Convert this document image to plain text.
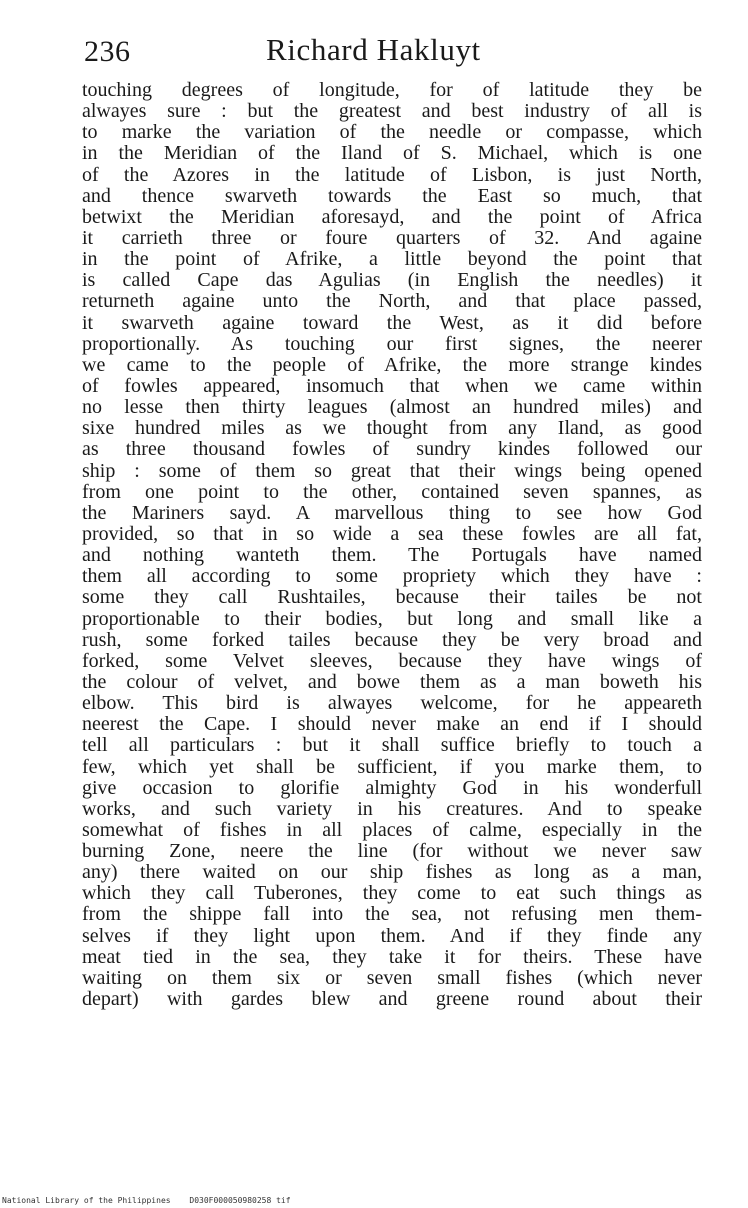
236	Richard Hakluyt
touching degrees of longitude, for of latitude they be
alwayes sure : but the greatest and best industry of all is
to marke the variation of the needle or compasse, which
in the Meridian of the Iland of S. Michael, which is one
of the Azores in the latitude of Lisbon, is just North,
and thence swarveth towards the East so much, that
betwixt the Meridian aforesayd, and the point of Africa
it carrieth three or foure quarters of 32. And againe
in the point of Afrike, a little beyond the point that
is called Cape das Agulias (in English the needles) it
returneth againe unto the North, and that place passed,
it swarveth againe toward the West, as it did before
proportionally. As touching our first signes, the neerer
we came to the people of Afrike, the more strange kindes
of fowles appeared, insomuch that when we came within
no lesse then thirty leagues (almost an hundred miles) and
sixe hundred miles as we thought from any Iland, as good
as three thousand fowles of sundry kindes followed our
ship : some of them so great that their wings being opened
from one point to the other, contained seven spannes, as
the Mariners sayd. A marvellous thing to see how God
provided, so that in so wide a sea these fowles are all fat,
and nothing wanteth them. The Portugals have named
them all according to some propriety which they have :
some they call Rushtailes, because their tailes be not
proportionable to their bodies, but long and small like a
rush, some forked tailes because they be very broad and
forked, some Velvet sleeves, because they have wings of
the colour of velvet, and bowe them as a man boweth his
elbow. This bird is alwayes welcome, for he appeareth
neerest the Cape. I should never make an end if I should
tell all particulars : but it shall suffice briefly to touch a
few, which yet shall be sufficient, if you marke them, to
give occasion to glorifie almighty God in his wonderfull
works, and such variety in his creatures. And to speake
somewhat of fishes in all places of calme, especially in the
burning Zone, neere the line (for without we never saw
any) there waited on our ship fishes as long as a man,
which they call Tuberones, they come to eat such things as
from the shippe fall into the sea, not refusing men them-
selves if they light upon them. And if they finde any
meat tied in the sea, they take it for theirs. These have
waiting on them six or seven small fishes (which never
depart) with gardes blew and greene round about their
National Library of the Philippines D030F000050980258 tif
